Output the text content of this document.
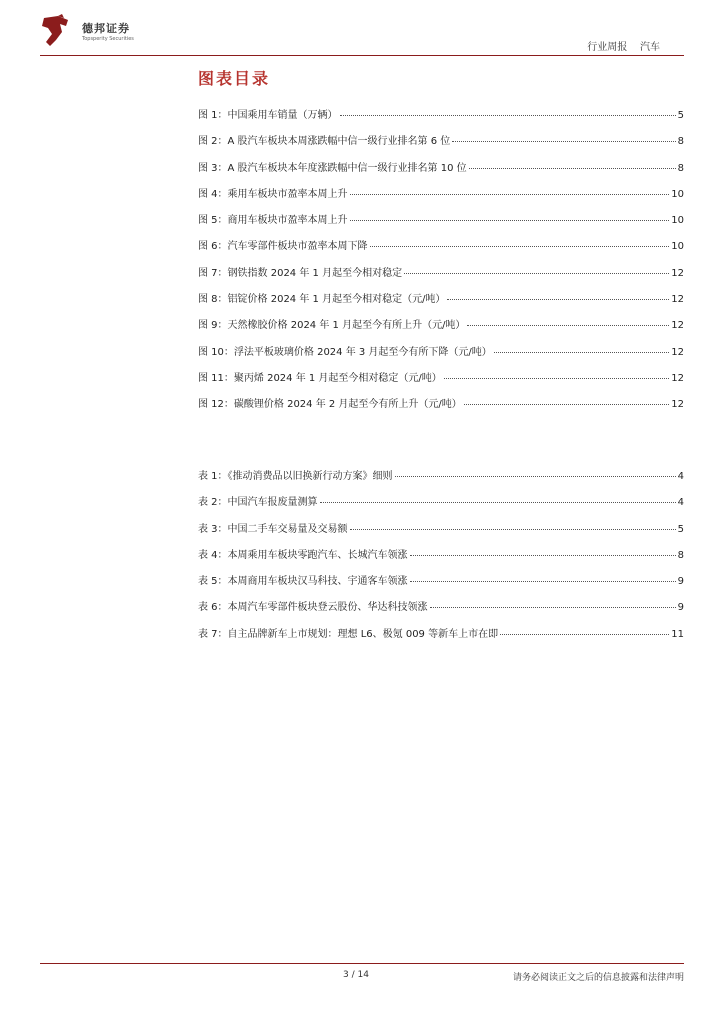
德邦证券
Topsperity Securities
行业周报    汽车
图表目录
图 1：中国乘用车销量（万辆）	5
图 2：A 股汽车板块本周涨跌幅中信一级行业排名第 6 位	8
图 3：A 股汽车板块本年度涨跌幅中信一级行业排名第 10 位	8
图 4：乘用车板块市盈率本周上升	10
图 5：商用车板块市盈率本周上升	10
图 6：汽车零部件板块市盈率本周下降	10
图 7：钢铁指数 2024 年 1 月起至今相对稳定	12
图 8：铝锭价格 2024 年 1 月起至今相对稳定（元/吨）	12
图 9：天然橡胶价格 2024 年 1 月起至今有所上升（元/吨）	12
图 10：浮法平板玻璃价格 2024 年 3 月起至今有所下降（元/吨）	12
图 11：聚丙烯 2024 年 1 月起至今相对稳定（元/吨）	12
图 12：碳酸锂价格 2024 年 2 月起至今有所上升（元/吨）	12
表 1：《推动消费品以旧换新行动方案》细则	4
表 2：中国汽车报废量测算	4
表 3：中国二手车交易量及交易额	5
表 4：本周乘用车板块零跑汽车、长城汽车领涨	8
表 5：本周商用车板块汉马科技、宇通客车领涨	9
表 6：本周汽车零部件板块登云股份、华达科技领涨	9
表 7：自主品牌新车上市规划：理想 L6、极氪 009 等新车上市在即	11
3 / 14	请务必阅读正文之后的信息披露和法律声明
